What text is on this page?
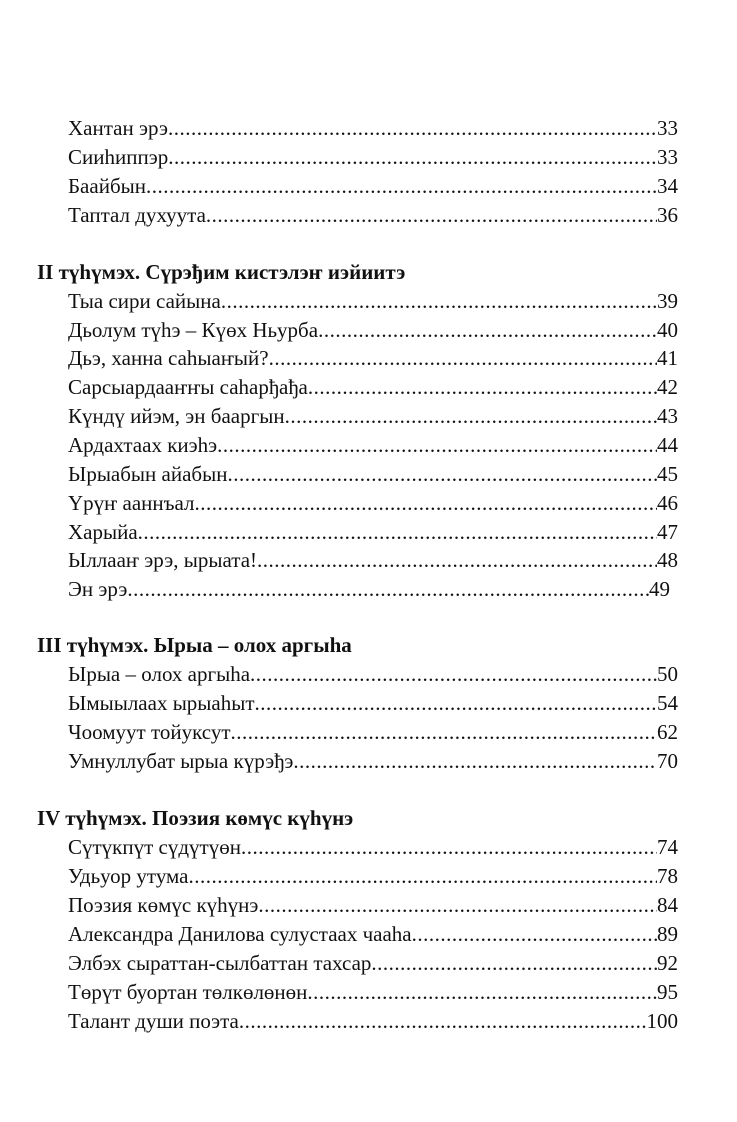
Хантан эрэ .....	33
Сииһиппэр .....	33
Баайбын .....	34
Таптал духуута .....	36
II түһүмэх. Сүрэђим кистэлэҥ иэйиитэ
Тыа сири сайына .....	39
Дьолум түһэ – Күөх Ньурба .....	40
Дьэ, ханна саһыаҥый? .....	41
Сарсыардааҥҥы саһарђађа .....	42
Күндү ийэм, эн бааргын .....	43
Ардахтаах киэһэ .....	44
Ырыабын айабын .....	45
Үрүҥ ааннъал .....	46
Харыйа .....	47
Ыллааҥ эрэ, ырыата! .....	48
Эн эрэ .....	49
III түһүмэх. Ырыа – олох аргыһа
Ырыа – олох аргыһа .....	50
Ымыылаах ырыаһыт .....	54
Чоомуут тойуксут .....	62
Умнуллубат ырыа күрэђэ .....	70
IV түһүмэх. Поэзия көмүс күһүнэ
Сүтүкпүт сүдүтүөн .....	74
Удьуор утума .....	78
Поэзия көмүс күһүнэ .....	84
Александра Данилова сулустаах чааһа .....	89
Элбэх сыраттан-сылбаттан тахсар .....	92
Төрүт буортан төлкөлөнөн .....	95
Талант души поэта .....	100
